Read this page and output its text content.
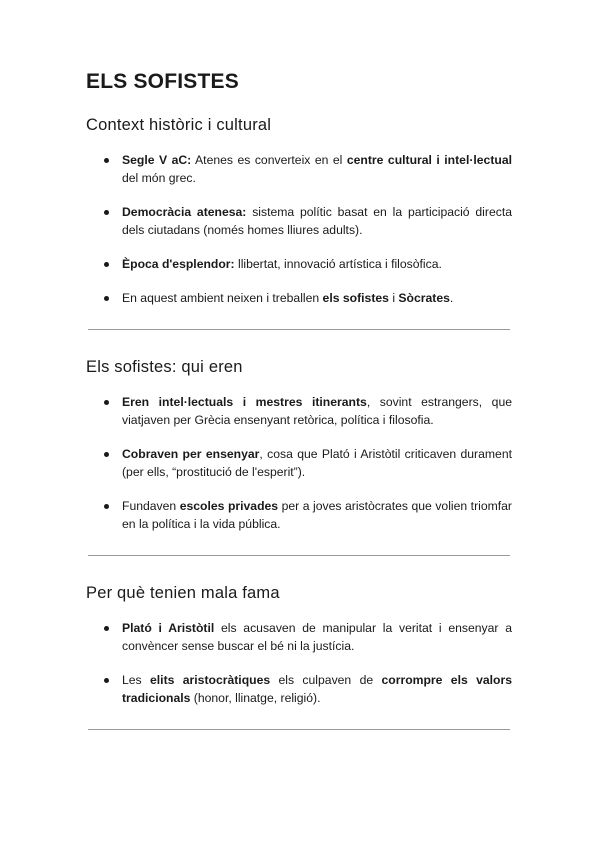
ELS SOFISTES
Context històric i cultural
Segle V aC: Atenes es converteix en el centre cultural i intel·lectual del món grec.
Democràcia atenesa: sistema polític basat en la participació directa dels ciutadans (només homes lliures adults).
Època d'esplendor: llibertat, innovació artística i filosòfica.
En aquest ambient neixen i treballen els sofistes i Sòcrates.
Els sofistes: qui eren
Eren intel·lectuals i mestres itinerants, sovint estrangers, que viatjaven per Grècia ensenyant retòrica, política i filosofia.
Cobraven per ensenyar, cosa que Plató i Aristòtil criticaven durament (per ells, “prostitució de l'esperit”).
Fundaven escoles privades per a joves aristòcrates que volien triomfar en la política i la vida pública.
Per què tenien mala fama
Plató i Aristòtil els acusaven de manipular la veritat i ensenyar a convèncer sense buscar el bé ni la justícia.
Les elits aristocràtiques els culpaven de corrompre els valors tradicionals (honor, llinatge, religió).
